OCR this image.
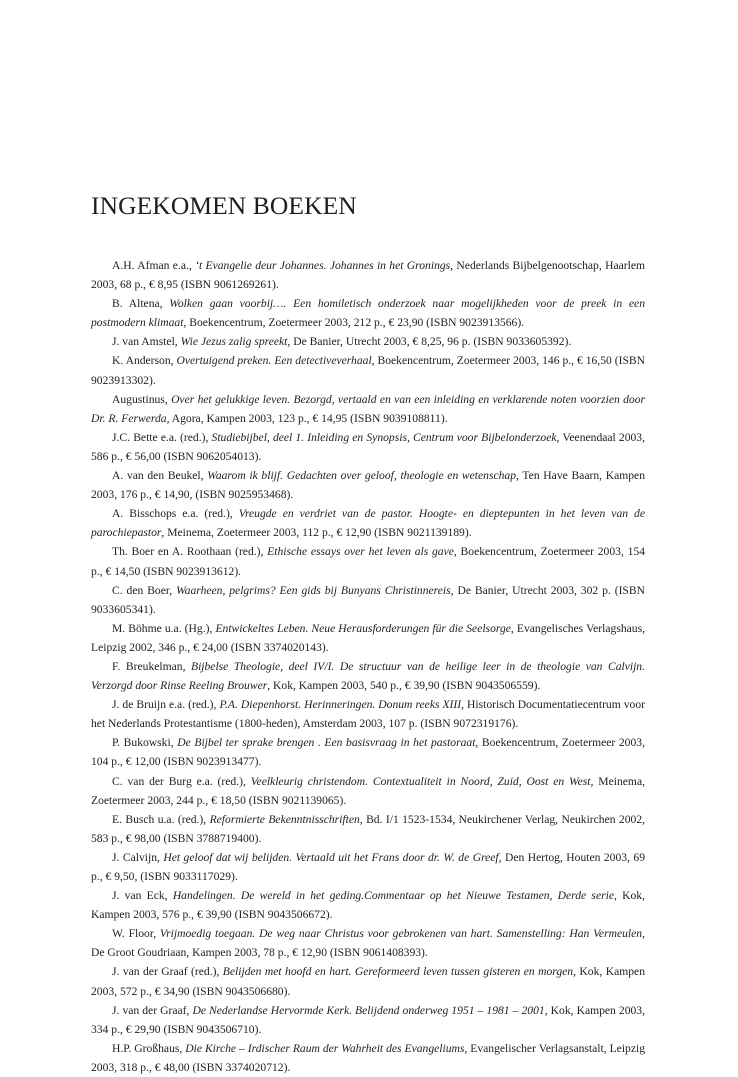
INGEKOMEN BOEKEN

A.H. Afman e.a., ‘t Evangelie deur Johannes. Johannes in het Gronings, Nederlands Bijbelgenootschap, Haarlem 2003, 68 p., € 8,95 (ISBN 9061269261).

B. Altena, Wolken gaan voorbij…. Een homiletisch onderzoek naar mogelijkheden voor de preek in een postmodern klimaat, Boekencentrum, Zoetermeer 2003, 212 p., € 23,90 (ISBN 9023913566).

J. van Amstel, Wie Jezus zalig spreekt, De Banier, Utrecht 2003, € 8,25, 96 p. (ISBN 9033605392).

K. Anderson, Overtuigend preken. Een detectiveverhaal, Boekencentrum, Zoetermeer 2003, 146 p., € 16,50 (ISBN 9023913302).

Augustinus, Over het gelukkige leven. Bezorgd, vertaald en van een inleiding en verklarende noten voorzien door Dr. R. Ferwerda, Agora, Kampen 2003, 123 p., € 14,95 (ISBN 9039108811).

J.C. Bette e.a. (red.), Studiebijbel, deel 1. Inleiding en Synopsis, Centrum voor Bijbelonderzoek, Veenendaal 2003, 586 p., € 56,00 (ISBN 9062054013).

A. van den Beukel, Waarom ik blijf. Gedachten over geloof, theologie en wetenschap, Ten Have Baarn, Kampen 2003, 176 p., € 14,90, (ISBN 9025953468).

A. Bisschops e.a. (red.), Vreugde en verdriet van de pastor. Hoogte- en dieptepunten in het leven van de parochiepastor, Meinema, Zoetermeer 2003, 112 p., € 12,90 (ISBN 9021139189).

Th. Boer en A. Roothaan (red.), Ethische essays over het leven als gave, Boekencentrum, Zoetermeer 2003, 154 p., € 14,50 (ISBN 9023913612).

C. den Boer, Waarheen, pelgrims? Een gids bij Bunyans Christinnereis, De Banier, Utrecht 2003, 302 p. (ISBN 9033605341).

M. Böhme u.a. (Hg.), Entwickeltes Leben. Neue Herausforderungen für die Seelsorge, Evangelisches Verlagshaus, Leipzig 2002, 346 p., € 24,00 (ISBN 3374020143).

F. Breukelman, Bijbelse Theologie, deel IV/I. De structuur van de heilige leer in de theologie van Calvijn. Verzorgd door Rinse Reeling Brouwer, Kok, Kampen 2003, 540 p., € 39,90 (ISBN 9043506559).

J. de Bruijn e.a. (red.), P.A. Diepenhorst. Herinneringen. Donum reeks XIII, Historisch Documentatiecentrum voor het Nederlands Protestantisme (1800-heden), Amsterdam 2003, 107 p. (ISBN 9072319176).

P. Bukowski, De Bijbel ter sprake brengen . Een basisvraag in het pastoraat, Boekencentrum, Zoetermeer 2003, 104 p., € 12,00 (ISBN 9023913477).

C. van der Burg e.a. (red.), Veelkleurig christendom. Contextualiteit in Noord, Zuid, Oost en West, Meinema, Zoetermeer 2003, 244 p., € 18,50 (ISBN 9021139065).

E. Busch u.a. (red.), Reformierte Bekenntnisschriften, Bd. I/1 1523-1534, Neukirchener Verlag, Neukirchen 2002, 583 p., € 98,00 (ISBN 3788719400).

J. Calvijn, Het geloof dat wij belijden. Vertaald uit het Frans door dr. W. de Greef, Den Hertog, Houten 2003, 69 p., € 9,50, (ISBN 9033117029).

J. van Eck, Handelingen. De wereld in het geding.Commentaar op het Nieuwe Testamen, Derde serie, Kok, Kampen 2003, 576 p., € 39,90 (ISBN 9043506672).

W. Floor, Vrijmoedig toegaan. De weg naar Christus voor gebrokenen van hart. Samenstelling: Han Vermeulen, De Groot Goudriaan, Kampen 2003, 78 p., € 12,90 (ISBN 9061408393).

J. van der Graaf (red.), Belijden met hoofd en hart. Gereformeerd leven tussen gisteren en morgen, Kok, Kampen 2003, 572 p., € 34,90 (ISBN 9043506680).

J. van der Graaf, De Nederlandse Hervormde Kerk. Belijdend onderweg 1951 – 1981 – 2001, Kok, Kampen 2003, 334 p., € 29,90 (ISBN 9043506710).

H.P. Großhaus, Die Kirche – Irdischer Raum der Wahrheit des Evangeliums, Evangelischer Verlagsanstalt, Leipzig 2003, 318 p., € 48,00 (ISBN 3374020712).
